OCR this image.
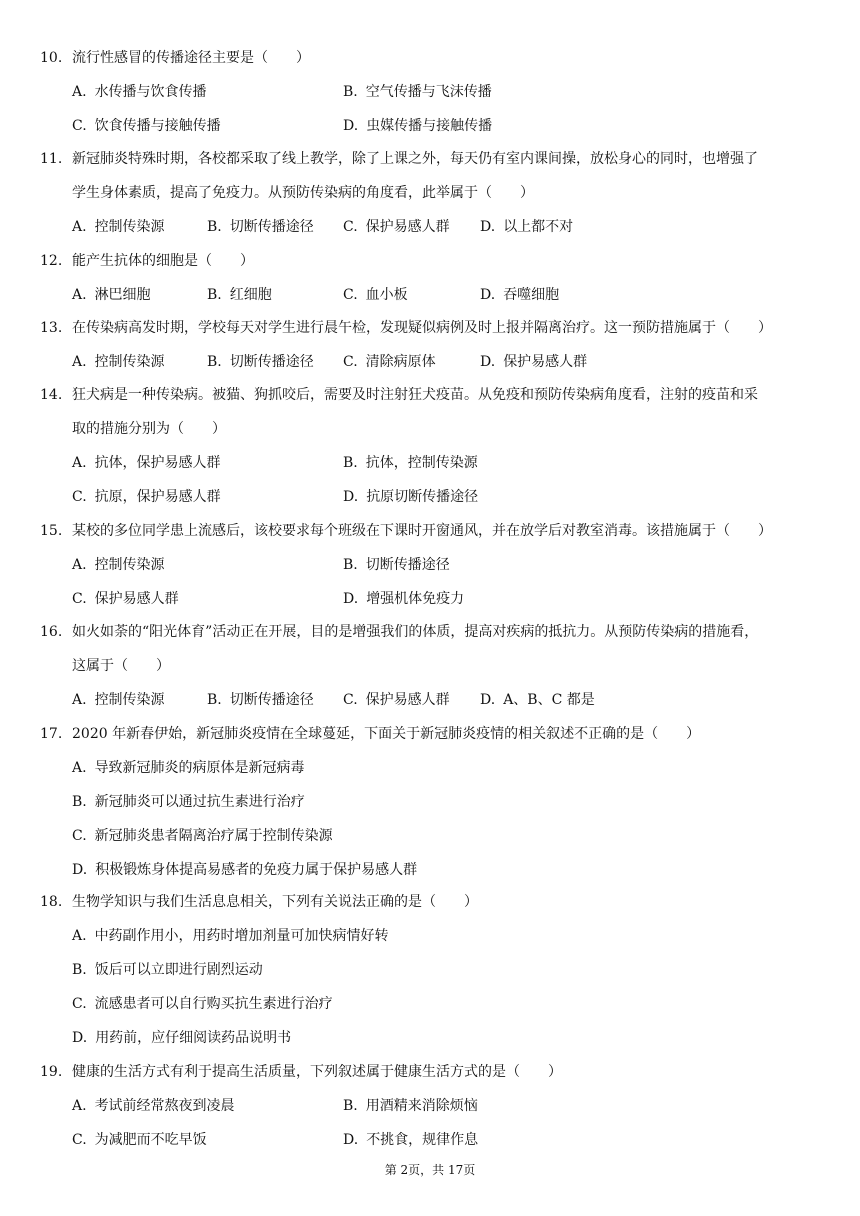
10. 流行性感冒的传播途径主要是（　　）
A. 水传播与饮食传播	B. 空气传播与飞沫传播
C. 饮食传播与接触传播	D. 虫媒传播与接触传播
11. 新冠肺炎特殊时期，各校都采取了线上教学，除了上课之外，每天仍有室内课间操，放松身心的同时，也增强了
学生身体素质，提高了免疫力。从预防传染病的角度看，此举属于（　　）
A. 控制传染源	B. 切断传播途径 C. 保护易感人群 D. 以上都不对
12. 能产生抗体的细胞是（　　）
A. 淋巴细胞	B. 红细胞	C. 血小板	D. 吞噬细胞
13. 在传染病高发时期，学校每天对学生进行晨午检，发现疑似病例及时上报并隔离治疗。这一预防措施属于（　　）
A. 控制传染源	B. 切断传播途径 C. 清除病原体	D. 保护易感人群
14. 狂犬病是一种传染病。被猫、狗抓咬后，需要及时注射狂犬疫苗。从免疫和预防传染病角度看，注射的疫苗和采
取的措施分别为（　　）
A. 抗体，保护易感人群	B. 抗体，控制传染源
C. 抗原，保护易感人群	D. 抗原切断传播途径
15. 某校的多位同学患上流感后，该校要求每个班级在下课时开窗通风，并在放学后对教室消毒。该措施属于（　　）
A. 控制传染源	B. 切断传播途径
C. 保护易感人群	D. 增强机体免疫力
16. 如火如荼的“阳光体育”活动正在开展，目的是增强我们的体质，提高对疾病的抵抗力。从预防传染病的措施看，
这属于（　　）
A. 控制传染源	B. 切断传播途径 C. 保护易感人群 D. A、B、C 都是
17. 2020 年新春伊始，新冠肺炎疫情在全球蔓延，下面关于新冠肺炎疫情的相关叙述不正确的是（　　）
A. 导致新冠肺炎的病原体是新冠病毒
B. 新冠肺炎可以通过抗生素进行治疗
C. 新冠肺炎患者隔离治疗属于控制传染源
D. 积极锻炼身体提高易感者的免疫力属于保护易感人群
18. 生物学知识与我们生活息息相关，下列有关说法正确的是（　　）
A. 中药副作用小，用药时增加剂量可加快病情好转
B. 饭后可以立即进行剧烈运动
C. 流感患者可以自行购买抗生素进行治疗
D. 用药前，应仔细阅读药品说明书
19. 健康的生活方式有利于提高生活质量，下列叙述属于健康生活方式的是（　　）
A. 考试前经常熬夜到凌晨	B. 用酒精来消除烦恼
C. 为减肥而不吃早饭	D. 不挑食，规律作息
第 2页，共 17页
